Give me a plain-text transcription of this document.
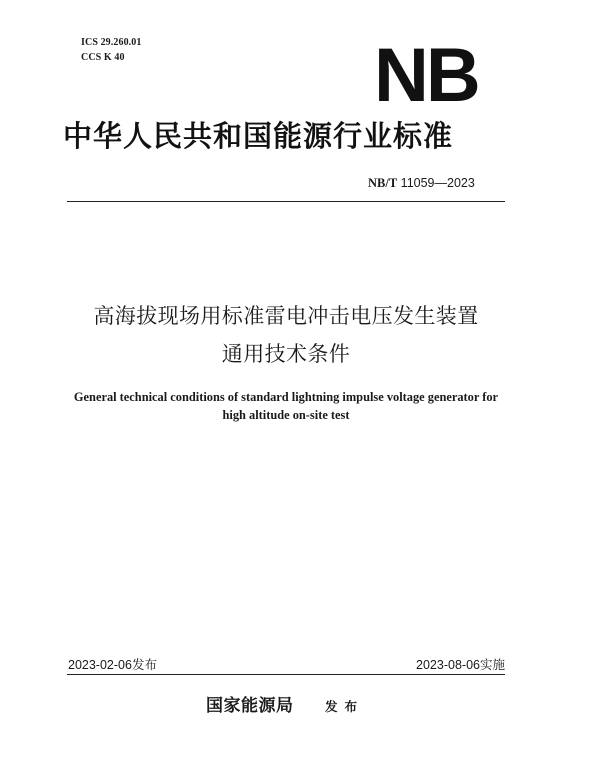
ICS 29.260.01
CCS K 40	NB
中华人民共和国能源行业标准
NB/T 11059—2023
高海拔现场用标准雷电冲击电压发生装置
通用技术条件
General technical conditions of standard lightning impulse voltage generator for
high altitude on-site test
2023-02-06发布	2023-08-06实施
国家能源局	发布
